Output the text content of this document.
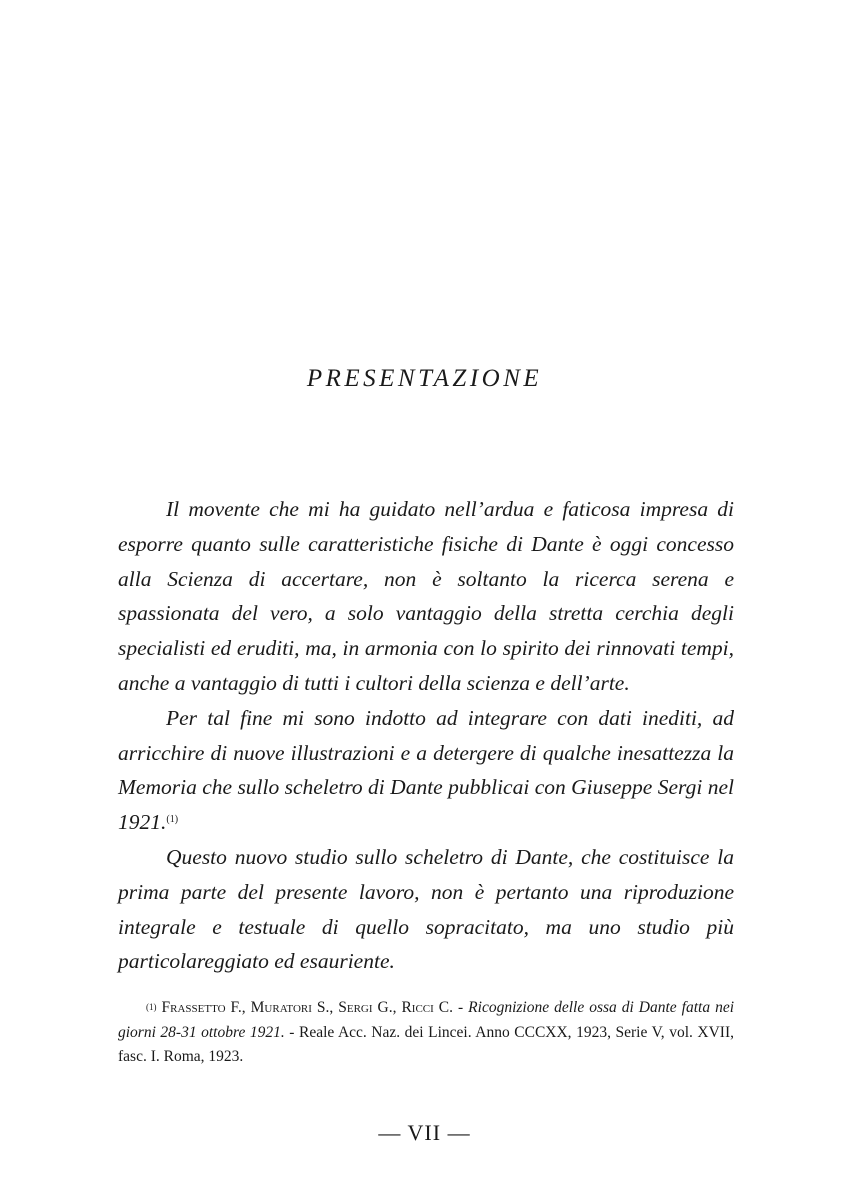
PRESENTAZIONE

Il movente che mi ha guidato nell’ardua e faticosa impresa di esporre quanto sulle caratteristiche fisiche di Dante è oggi concesso alla Scienza di accertare, non è soltanto la ricerca serena e spassionata del vero, a solo vantaggio della stretta cerchia degli specialisti ed eruditi, ma, in armonia con lo spirito dei rinnovati tempi, anche a vantaggio di tutti i cultori della scienza e dell’arte.

Per tal fine mi sono indotto ad integrare con dati inediti, ad arricchire di nuove illustrazioni e a detergere di qualche inesattezza la Memoria che sullo scheletro di Dante pubblicai con Giuseppe Sergi nel 1921.$^{(1)}$

Questo nuovo studio sullo scheletro di Dante, che costituisce la prima parte del presente lavoro, non è pertanto una riproduzione integrale e testuale di quello sopracitato, ma uno studio più particolareggiato ed esauriente.

$^{(1)}$ Frassetto F., Muratori S., Sergi G., Ricci C. - Ricognizione delle ossa di Dante fatta nei giorni 28-31 ottobre 1921. - Reale Acc. Naz. dei Lincei. Anno CCCXX, 1923, Serie V, vol. XVII, fasc. I. Roma, 1923.

— VII —
